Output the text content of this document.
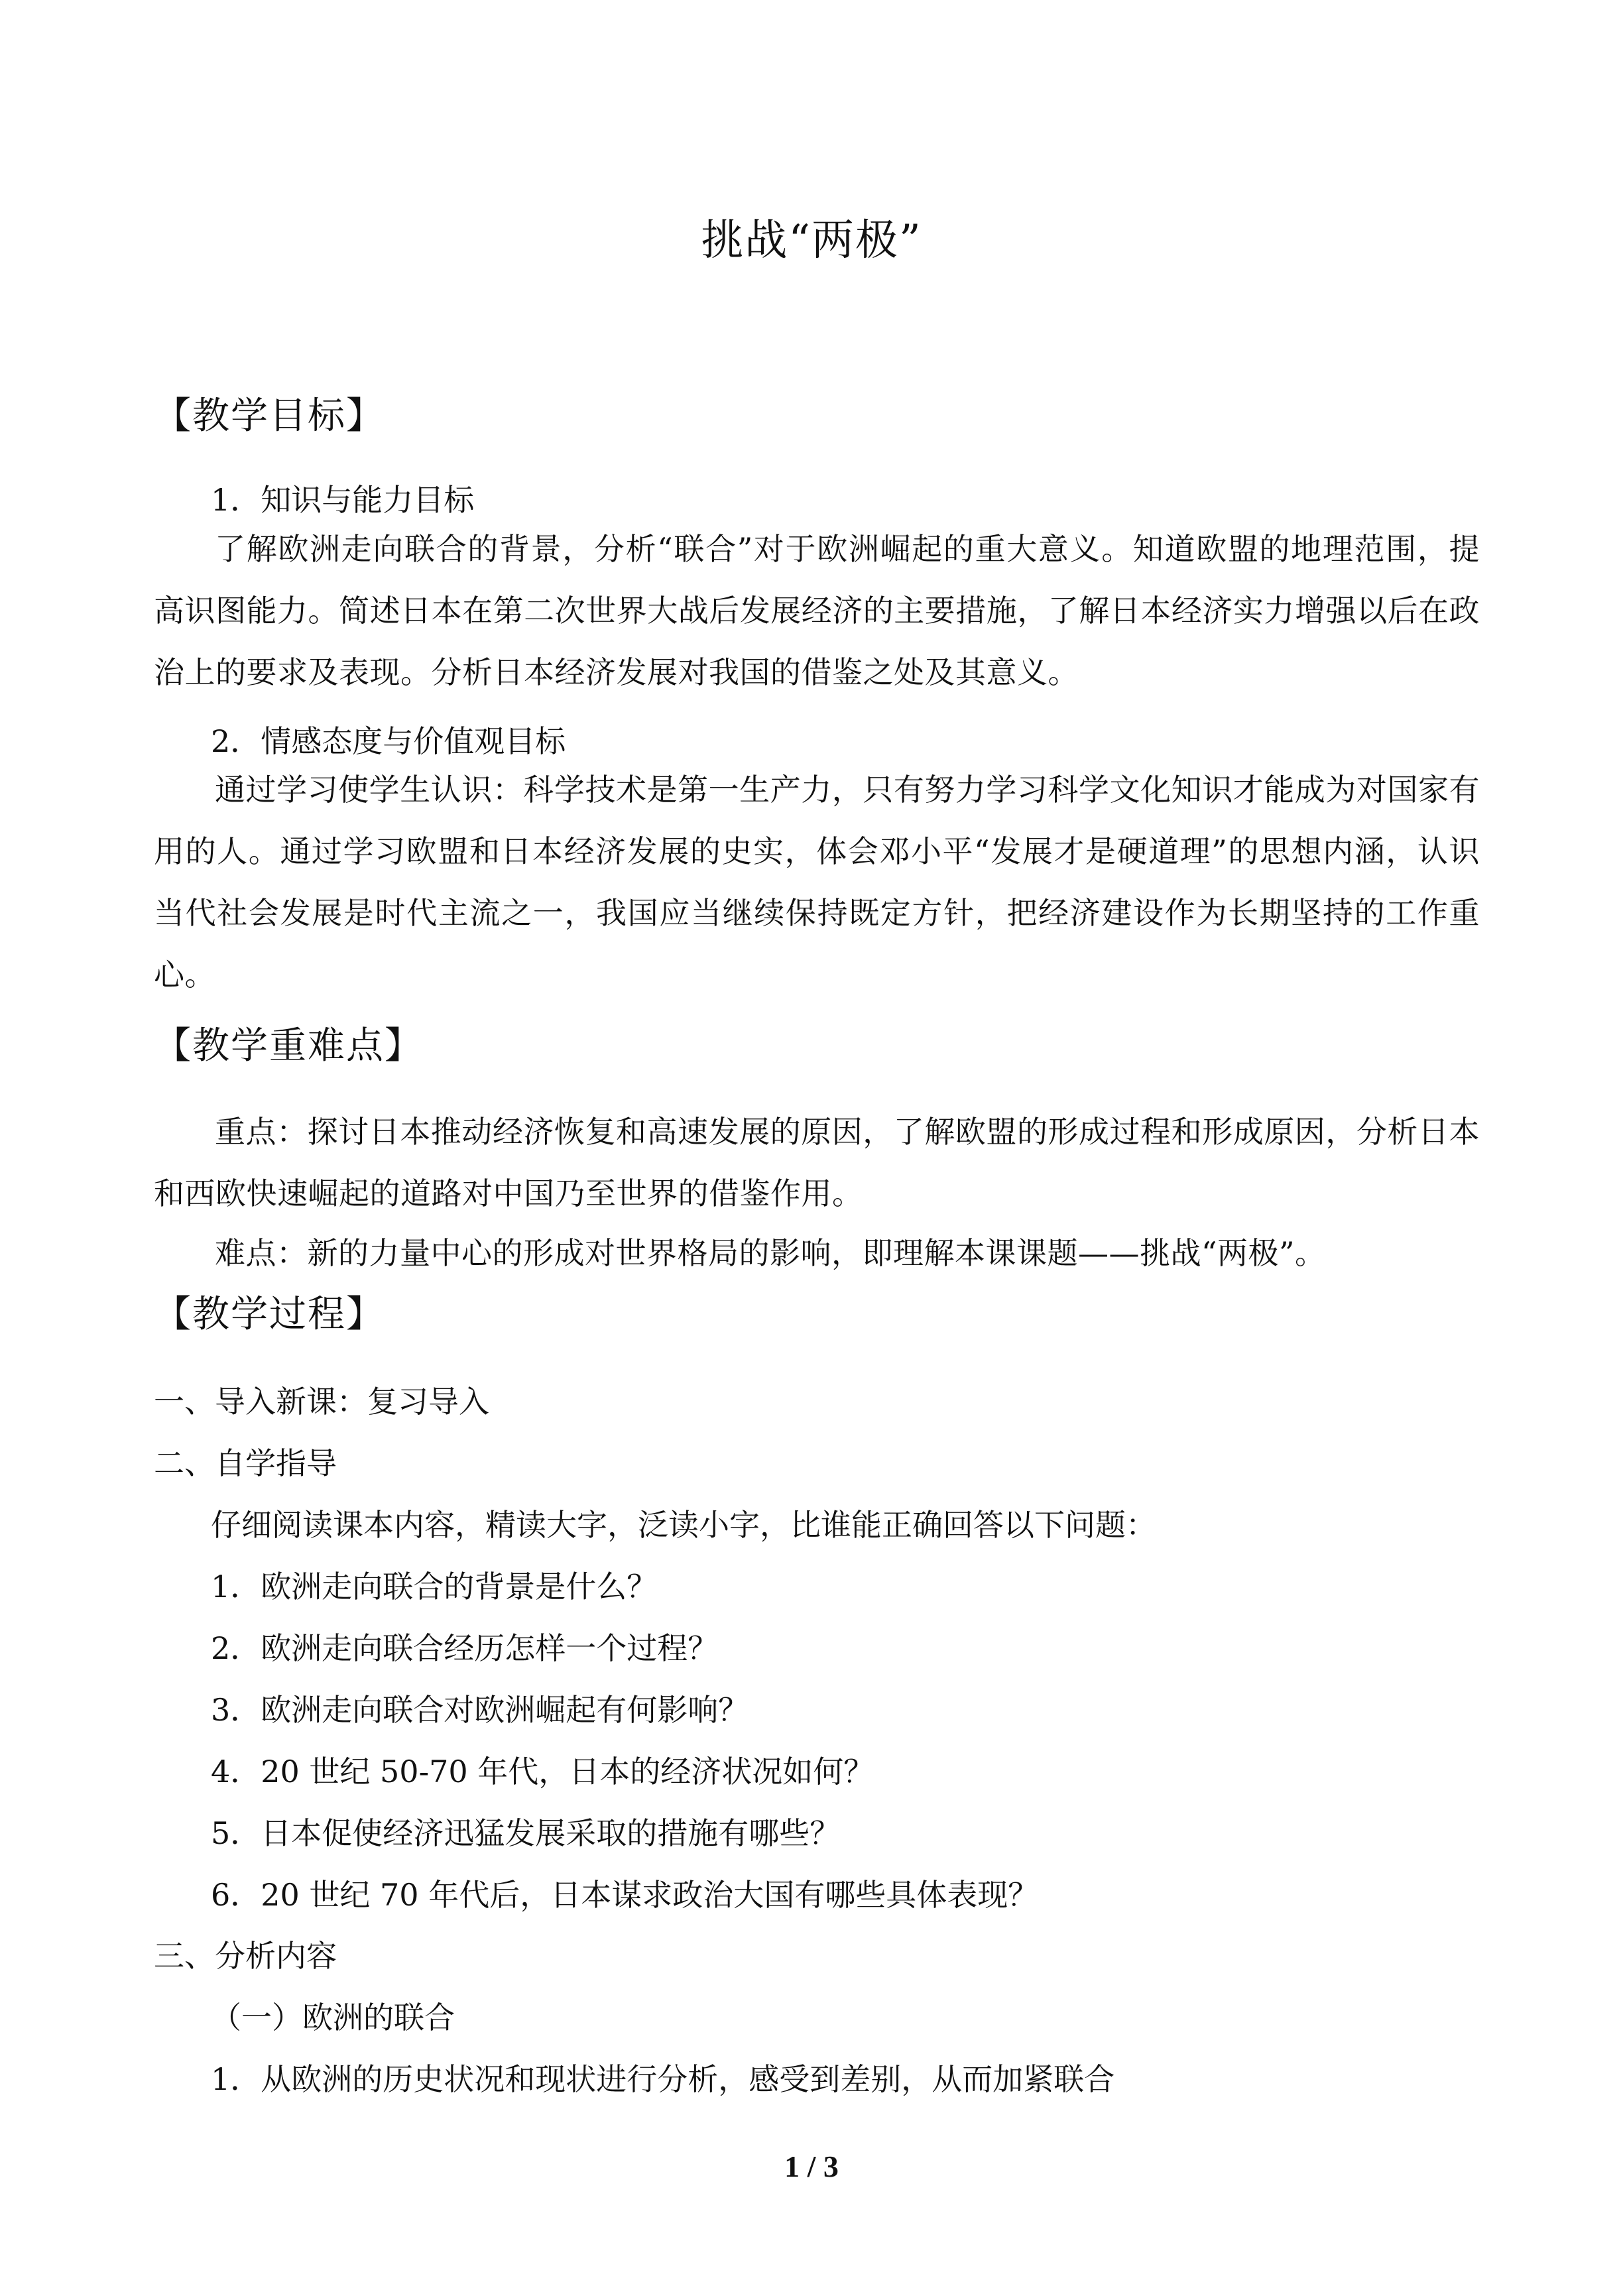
挑战“两极”
【教学目标】
1．知识与能力目标
了解欧洲走向联合的背景，分析“联合”对于欧洲崛起的重大意义。知道欧盟的地理范围，提高识图能力。简述日本在第二次世界大战后发展经济的主要措施，了解日本经济实力增强以后在政治上的要求及表现。分析日本经济发展对我国的借鉴之处及其意义。
2．情感态度与价值观目标
通过学习使学生认识：科学技术是第一生产力，只有努力学习科学文化知识才能成为对国家有用的人。通过学习欧盟和日本经济发展的史实，体会邓小平“发展才是硬道理”的思想内涵，认识当代社会发展是时代主流之一，我国应当继续保持既定方针，把经济建设作为长期坚持的工作重心。
【教学重难点】
重点：探讨日本推动经济恢复和高速发展的原因，了解欧盟的形成过程和形成原因，分析日本和西欧快速崛起的道路对中国乃至世界的借鉴作用。
难点：新的力量中心的形成对世界格局的影响，即理解本课课题——挑战“两极”。
【教学过程】
一、导入新课：复习导入
二、自学指导
仔细阅读课本内容，精读大字，泛读小字，比谁能正确回答以下问题：
1．欧洲走向联合的背景是什么？
2．欧洲走向联合经历怎样一个过程？
3．欧洲走向联合对欧洲崛起有何影响？
4．20 世纪 50-70 年代，日本的经济状况如何？
5．日本促使经济迅猛发展采取的措施有哪些？
6．20 世纪 70 年代后，日本谋求政治大国有哪些具体表现？
三、分析内容
（一）欧洲的联合
1．从欧洲的历史状况和现状进行分析，感受到差别，从而加紧联合
1 / 3
